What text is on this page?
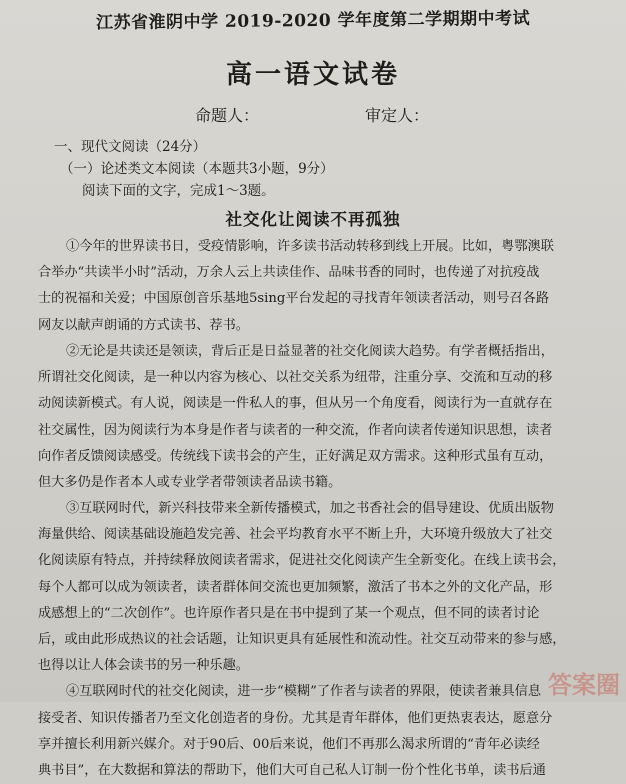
江苏省淮阴中学 2019-2020 学年度第二学期期中考试
高一语文试卷
命题人：	审定人：
一、现代文阅读（24分）
（一）论述类文本阅读（本题共3小题，9分）
阅读下面的文字，完成1～3题。
社交化让阅读不再孤独

①今年的世界读书日，受疫情影响，许多读书活动转移到线上开展。比如，粤鄂澳联

合举办“共读半小时”活动，万余人云上共读佳作、品味书香的同时，也传递了对抗疫战

士的祝福和关爱；中国原创音乐基地5sing平台发起的寻找青年领读者活动，则号召各路

网友以献声朗诵的方式读书、荐书。

②无论是共读还是领读，背后正是日益显著的社交化阅读大趋势。有学者概括指出，

所谓社交化阅读，是一种以内容为核心、以社交关系为纽带，注重分享、交流和互动的移

动阅读新模式。有人说，阅读是一件私人的事，但从另一个角度看，阅读行为一直就存在

社交属性，因为阅读行为本身是作者与读者的一种交流，作者向读者传递知识思想，读者

向作者反馈阅读感受。传统线下读书会的产生，正好满足双方需求。这种形式虽有互动，

但大多仍是作者本人或专业学者带领读者品读书籍。

③互联网时代，新兴科技带来全新传播模式，加之书香社会的倡导建设、优质出版物

海量供给、阅读基础设施趋发完善、社会平均教育水平不断上升，大环境升级放大了社交

化阅读原有特点，并持续释放阅读者需求，促进社交化阅读产生全新变化。在线上读书会，

每个人都可以成为领读者，读者群体间交流也更加频繁，激活了书本之外的文化产品，形

成感想上的“二次创作”。也许原作者只是在书中提到了某一个观点，但不同的读者讨论

后，或由此形成热议的社会话题，让知识更具有延展性和流动性。社交互动带来的参与感，

也得以让人体会读书的另一种乐趣。

④互联网时代的社交化阅读，进一步“模糊”了作者与读者的界限，使读者兼具信息

接受者、知识传播者乃至文化创造者的身份。尤其是青年群体，他们更热衷表达，愿意分

享并擅长利用新兴媒介。对于90后、00后来说，他们不再那么渴求所谓的“青年必读经

典书目”，在大数据和算法的帮助下，他们大可自己私人订制一份个性化书单，读书后通

答案圈
